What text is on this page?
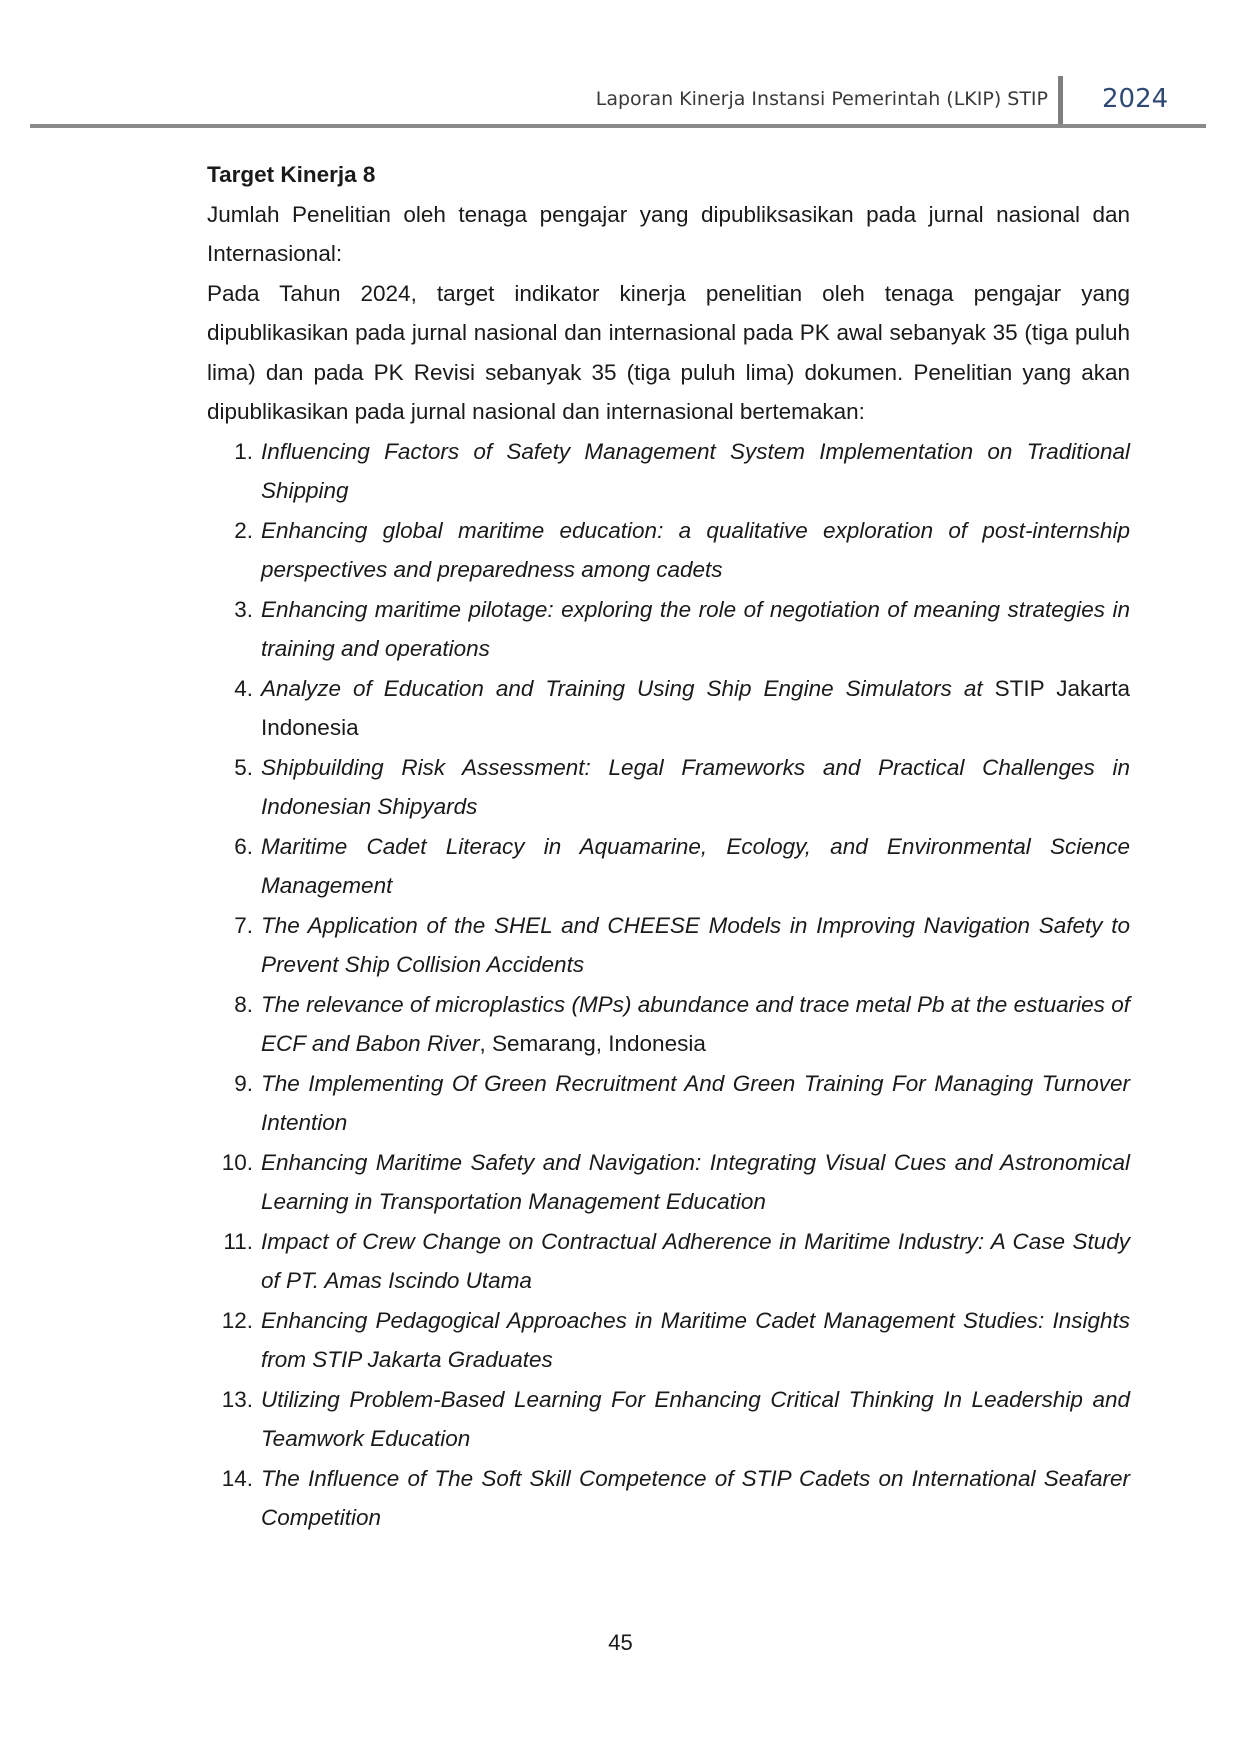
Laporan Kinerja Instansi Pemerintah (LKIP) STIP 2024

Target Kinerja 8

Jumlah Penelitian oleh tenaga pengajar yang dipubliksasikan pada jurnal nasional dan Internasional:

Pada Tahun 2024, target indikator kinerja penelitian oleh tenaga pengajar yang dipublikasikan pada jurnal nasional dan internasional pada PK awal sebanyak 35 (tiga puluh lima) dan pada PK Revisi sebanyak 35 (tiga puluh lima) dokumen. Penelitian yang akan dipublikasikan pada jurnal nasional dan internasional bertemakan:

1. Influencing Factors of Safety Management System Implementation on Traditional Shipping
2. Enhancing global maritime education: a qualitative exploration of post-internship perspectives and preparedness among cadets
3. Enhancing maritime pilotage: exploring the role of negotiation of meaning strategies in training and operations
4. Analyze of Education and Training Using Ship Engine Simulators at STIP Jakarta Indonesia
5. Shipbuilding Risk Assessment: Legal Frameworks and Practical Challenges in Indonesian Shipyards
6. Maritime Cadet Literacy in Aquamarine, Ecology, and Environmental Science Management
7. The Application of the SHEL and CHEESE Models in Improving Navigation Safety to Prevent Ship Collision Accidents
8. The relevance of microplastics (MPs) abundance and trace metal Pb at the estuaries of ECF and Babon River, Semarang, Indonesia
9. The Implementing Of Green Recruitment And Green Training For Managing Turnover Intention
10. Enhancing Maritime Safety and Navigation: Integrating Visual Cues and Astronomical Learning in Transportation Management Education
11. Impact of Crew Change on Contractual Adherence in Maritime Industry: A Case Study of PT. Amas Iscindo Utama
12. Enhancing Pedagogical Approaches in Maritime Cadet Management Studies: Insights from STIP Jakarta Graduates
13. Utilizing Problem-Based Learning For Enhancing Critical Thinking In Leadership and Teamwork Education
14. The Influence of The Soft Skill Competence of STIP Cadets on International Seafarer Competition
45
